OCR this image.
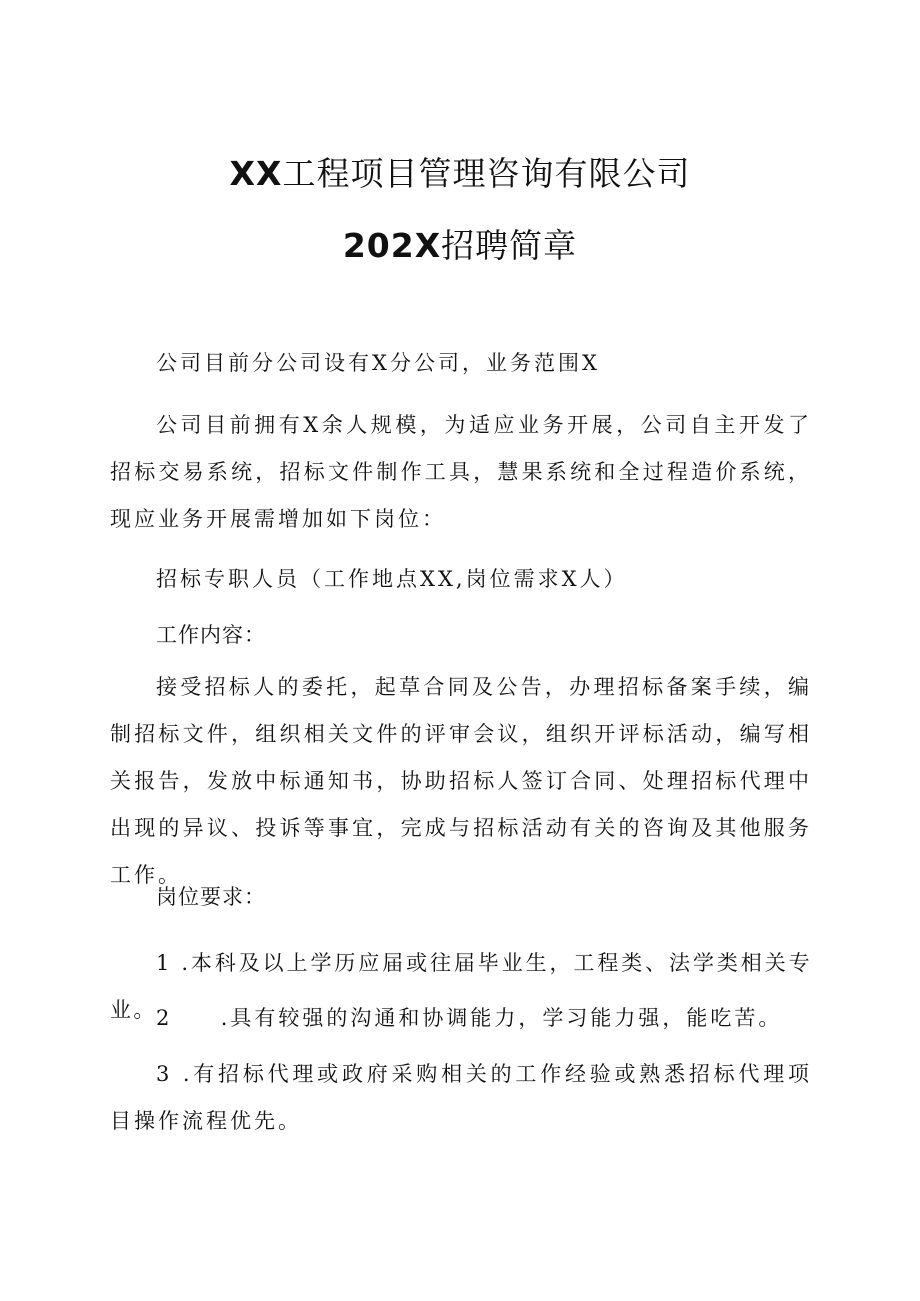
XX工程项目管理咨询有限公司
202X招聘简章

公司目前分公司设有X分公司，业务范围X

公司目前拥有X余人规模，为适应业务开展，公司自主开发了招标交易系统，招标文件制作工具，慧果系统和全过程造价系统，现应业务开展需增加如下岗位：

招标专职人员（工作地点XX,岗位需求X人）

工作内容：

接受招标人的委托，起草合同及公告，办理招标备案手续，编制招标文件，组织相关文件的评审会议，组织开评标活动，编写相关报告，发放中标通知书，协助招标人签订合同、处理招标代理中出现的异议、投诉等事宜，完成与招标活动有关的咨询及其他服务工作。

岗位要求：

1 .本科及以上学历应届或往届毕业生，工程类、法学类相关专业。 2     .具有较强的沟通和协调能力，学习能力强，能吃苦。

3 .有招标代理或政府采购相关的工作经验或熟悉招标代理项目操作流程优先。
